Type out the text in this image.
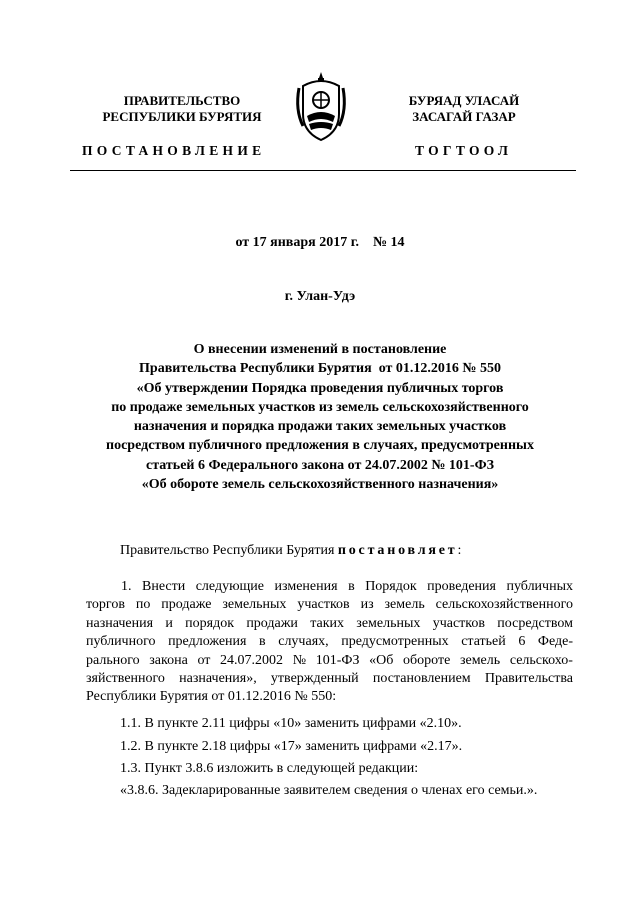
ПРАВИТЕЛЬСТВО
РЕСПУБЛИКИ БУРЯТИЯ
БУРЯАД УЛАСАЙ
ЗАСАГАЙ ГАЗАР
ПОСТАНОВЛЕНИЕ	ТОГТООЛ
от 17 января 2017 г.    № 14
г. Улан-Удэ
О внесении изменений в постановление
Правительства Республики Бурятия  от 01.12.2016 № 550
«Об утверждении Порядка проведения публичных торгов
по продаже земельных участков из земель сельскохозяйственного
назначения и порядка продажи таких земельных участков
посредством публичного предложения в случаях, предусмотренных
статьей 6 Федерального закона от 24.07.2002 № 101-ФЗ
«Об обороте земель сельскохозяйственного назначения»
Правительство Республики Бурятия постановляет:
1. Внести следующие изменения в Порядок проведения публичных
торгов по продаже земельных участков из земель сельскохозяйственного
назначения и порядок продажи таких земельных участков посредством
публичного предложения в случаях, предусмотренных статьей 6 Феде-
рального закона от 24.07.2002 № 101-ФЗ «Об обороте земель сельскохо-
зяйственного назначения», утвержденный постановлением Правительства
Республики Бурятия от 01.12.2016 № 550:
1.1. В пункте 2.11 цифры «10» заменить цифрами «2.10».
1.2. В пункте 2.18 цифры «17» заменить цифрами «2.17».
1.3. Пункт 3.8.6 изложить в следующей редакции:
«3.8.6. Задекларированные заявителем сведения о членах его семьи.».
